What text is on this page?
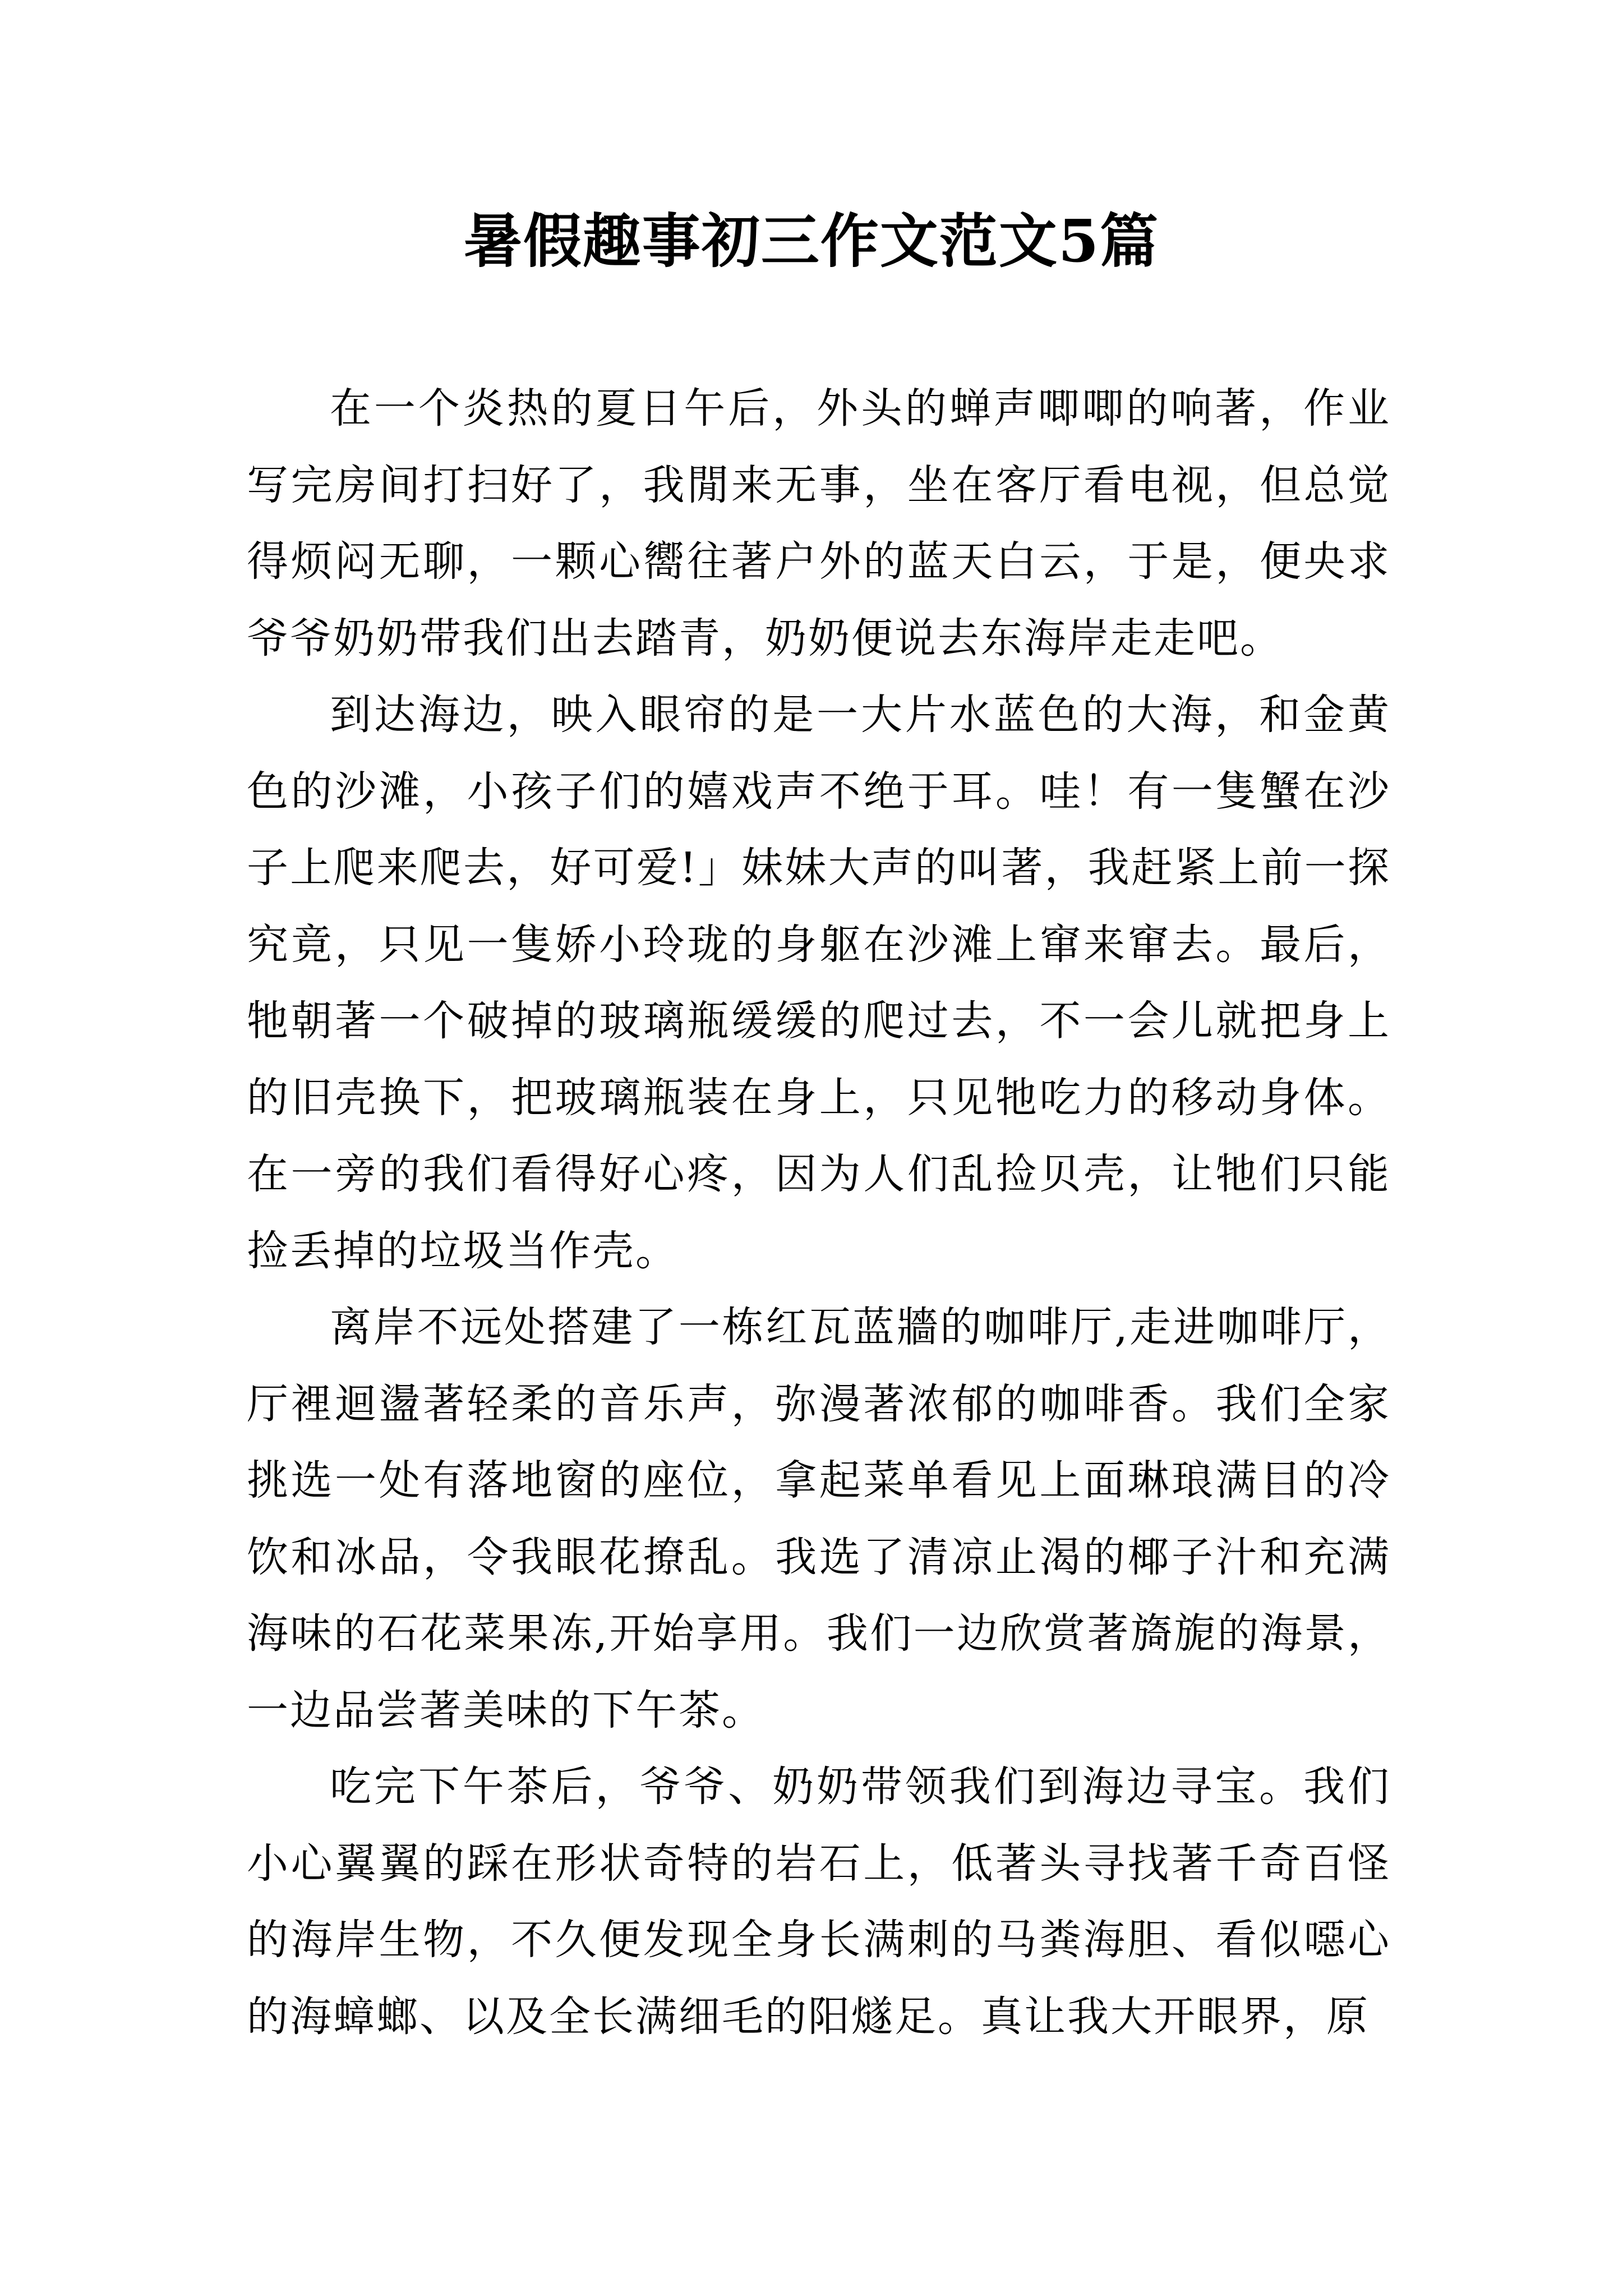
暑假趣事初三作文范文5篇

在一个炎热的夏日午后，外头的蝉声唧唧的响著，作业写完房间打扫好了，我閒来无事，坐在客厅看电视，但总觉得烦闷无聊，一颗心嚮往著户外的蓝天白云，于是，便央求爷爷奶奶带我们出去踏青，奶奶便说去东海岸走走吧。

到达海边，映入眼帘的是一大片水蓝色的大海，和金黄色的沙滩，小孩子们的嬉戏声不绝于耳。哇！有一隻蟹在沙子上爬来爬去，好可爱!」妹妹大声的叫著，我赶紧上前一探究竟，只见一隻娇小玲珑的身躯在沙滩上窜来窜去。最后，牠朝著一个破掉的玻璃瓶缓缓的爬过去，不一会儿就把身上的旧壳换下，把玻璃瓶装在身上，只见牠吃力的移动身体。在一旁的我们看得好心疼，因为人们乱捡贝壳，让牠们只能捡丢掉的垃圾当作壳。

离岸不远处搭建了一栋红瓦蓝牆的咖啡厅,走进咖啡厅，厅裡迴盪著轻柔的音乐声，弥漫著浓郁的咖啡香。我们全家挑选一处有落地窗的座位，拿起菜单看见上面琳琅满目的冷饮和冰品，令我眼花撩乱。我选了清凉止渴的椰子汁和充满海味的石花菜果冻,开始享用。我们一边欣赏著旖旎的海景，一边品尝著美味的下午茶。

吃完下午茶后，爷爷、奶奶带领我们到海边寻宝。我们小心翼翼的踩在形状奇特的岩石上，低著头寻找著千奇百怪的海岸生物，不久便发现全身长满刺的马粪海胆、看似噁心的海蟑螂、以及全长满细毛的阳燧足。真让我大开眼界，原
